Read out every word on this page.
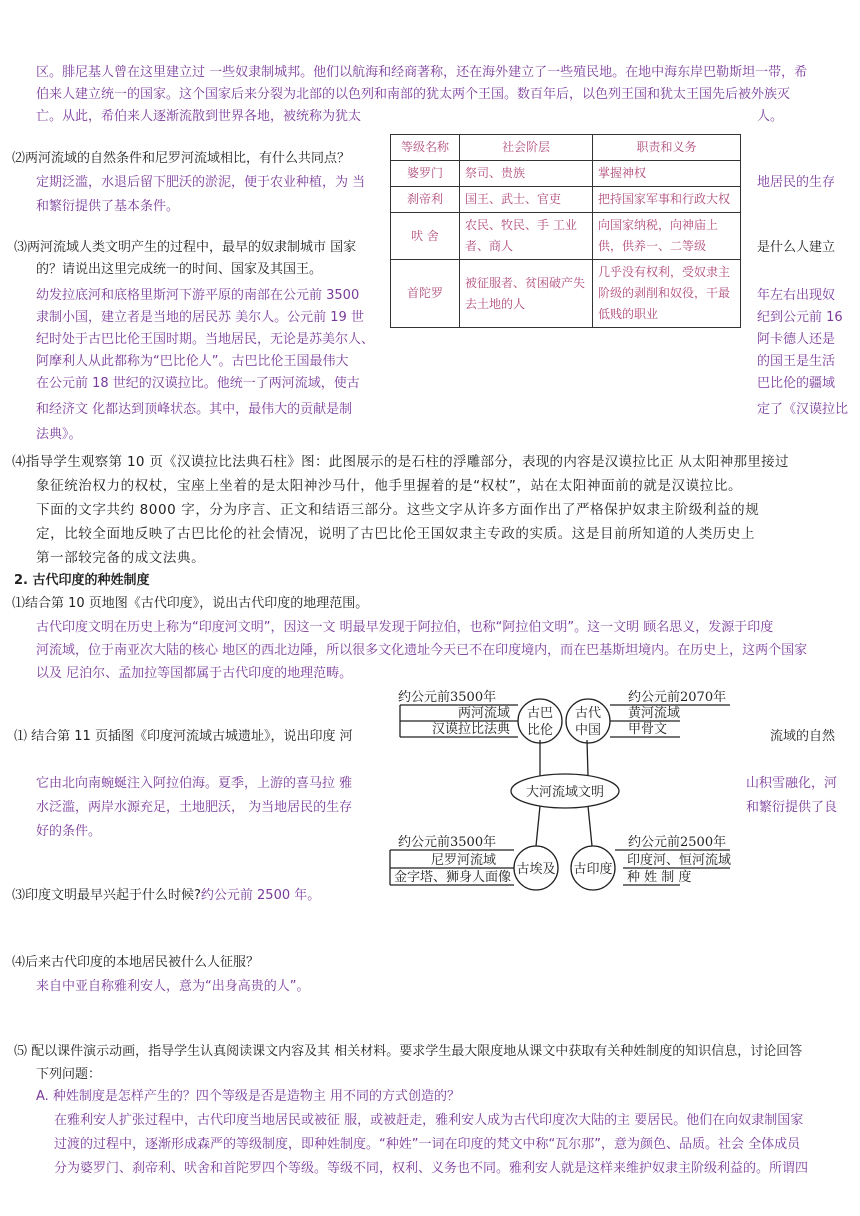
区。腓尼基人曾在这里建立过 一些奴隶制城邦。他们以航海和经商著称，还在海外建立了一些殖民地。在地中海东岸巴勒斯坦一带，希
伯来人建立统一的国家。这个国家后来分裂为北部的以色列和南部的犹太两个王国。数百年后，以色列王国和犹太王国先后被外族灭
亡。从此，希伯来人逐渐流散到世界各地，被统称为犹太	人。
⑵两河流域的自然条件和尼罗河流域相比，有什么共同点？
定期泛滥，水退后留下肥沃的淤泥，便于农业种植，为 当	地居民的生存
和繁衍提供了基本条件。
⑶两河流域人类文明产生的过程中，最早的奴隶制城市 国家	是什么人建立
的？请说出这里完成统一的时间、国家及其国王。
幼发拉底河和底格里斯河下游平原的南部在公元前 3500	年左右出现奴
隶制小国，建立者是当地的居民苏 美尔人。公元前 19 世	纪到公元前 16
纪时处于古巴比伦王国时期。当地居民，无论是苏美尔人、	阿卡德人还是
阿摩利人从此都称为“巴比伦人”。古巴比伦王国最伟大	的国王是生活
在公元前 18 世纪的汉谟拉比。他统一了两河流域，使古	巴比伦的疆域
和经济文 化都达到顶峰状态。其中，最伟大的贡献是制	定了《汉谟拉比
法典》。
等级名称	社会阶层	职责和义务
婆罗门	祭司、贵族	掌握神权
刹帝利	国王、武士、官吏	把持国家军事和行政大权
吠 舍	农民、牧民、手 工业者、商人	向国家纳税，向神庙上供，供养一、二等级
首陀罗	被征服者、贫困破产失去土地的人	几乎没有权利，受奴隶主阶级的剥削和奴役，干最低贱的职业
⑷指导学生观察第 10 页《汉谟拉比法典石柱》图：此图展示的是石柱的浮雕部分，表现的内容是汉谟拉比正 从太阳神那里接过
象征统治权力的权杖，宝座上坐着的是太阳神沙马什，他手里握着的是“权杖”，站在太阳神面前的就是汉谟拉比。
下面的文字共约 8000 字，分为序言、正文和结语三部分。这些文字从许多方面作出了严格保护奴隶主阶级利益的规
定，比较全面地反映了古巴比伦的社会情况，说明了古巴比伦王国奴隶主专政的实质。这是目前所知道的人类历史上
第一部较完备的成文法典。
2. 古代印度的种姓制度
⑴结合第 10 页地图《古代印度》，说出古代印度的地理范围。
古代印度文明在历史上称为“印度河文明”，因这一文 明最早发现于阿拉伯，也称“阿拉伯文明”。这一文明 顾名思义，发源于印度
河流域，位于南亚次大陆的核心 地区的西北边陲，所以很多文化遗址今天已不在印度境内，而在巴基斯坦境内。在历史上，这两个国家
以及 尼泊尔、孟加拉等国都属于古代印度的地理范畴。
⑴ 结合第 11 页插图《印度河流域古城遗址》，说出印度 河	流域的自然
它由北向南蜿蜒注入阿拉伯海。夏季，上游的喜马拉 雅	山积雪融化，河
水泛滥，两岸水源充足，土地肥沃， 为当地居民的生存	和繁衍提供了良
好的条件。
⑶印度文明最早兴起于什么时候?约公元前 2500 年。
⑷后来古代印度的本地居民被什么人征服？
来自中亚自称雅利安人，意为“出身高贵的人”。
⑸ 配以课件演示动画，指导学生认真阅读课文内容及其 相关材料。要求学生最大限度地从课文中获取有关种姓制度的知识信息，讨论回答
下列问题：
A. 种姓制度是怎样产生的？四个等级是否是造物主 用不同的方式创造的？
在雅利安人扩张过程中，古代印度当地居民或被征 服，或被赶走，雅利安人成为古代印度次大陆的主 要居民。他们在向奴隶制国家
过渡的过程中，逐渐形成森严的等级制度，即种姓制度。“种姓”一词在印度的梵文中称“瓦尔那”，意为颜色、品质。社会 全体成员
分为婆罗门、刹帝利、吠舍和首陀罗四个等级。等级不同，权利、义务也不同。雅利安人就是这样来维护奴隶主阶级利益的。所谓四
大河流域文明
古巴
比伦
古代
中国
古埃及 古印度
约公元前3500年
两河流域
汉谟拉比法典
约公元前2070年
黄河流域
甲骨文
约公元前3500年
尼罗河流域
金字塔、狮身人面像
约公元前2500年
印度河、恒河流域
种 姓 制 度
